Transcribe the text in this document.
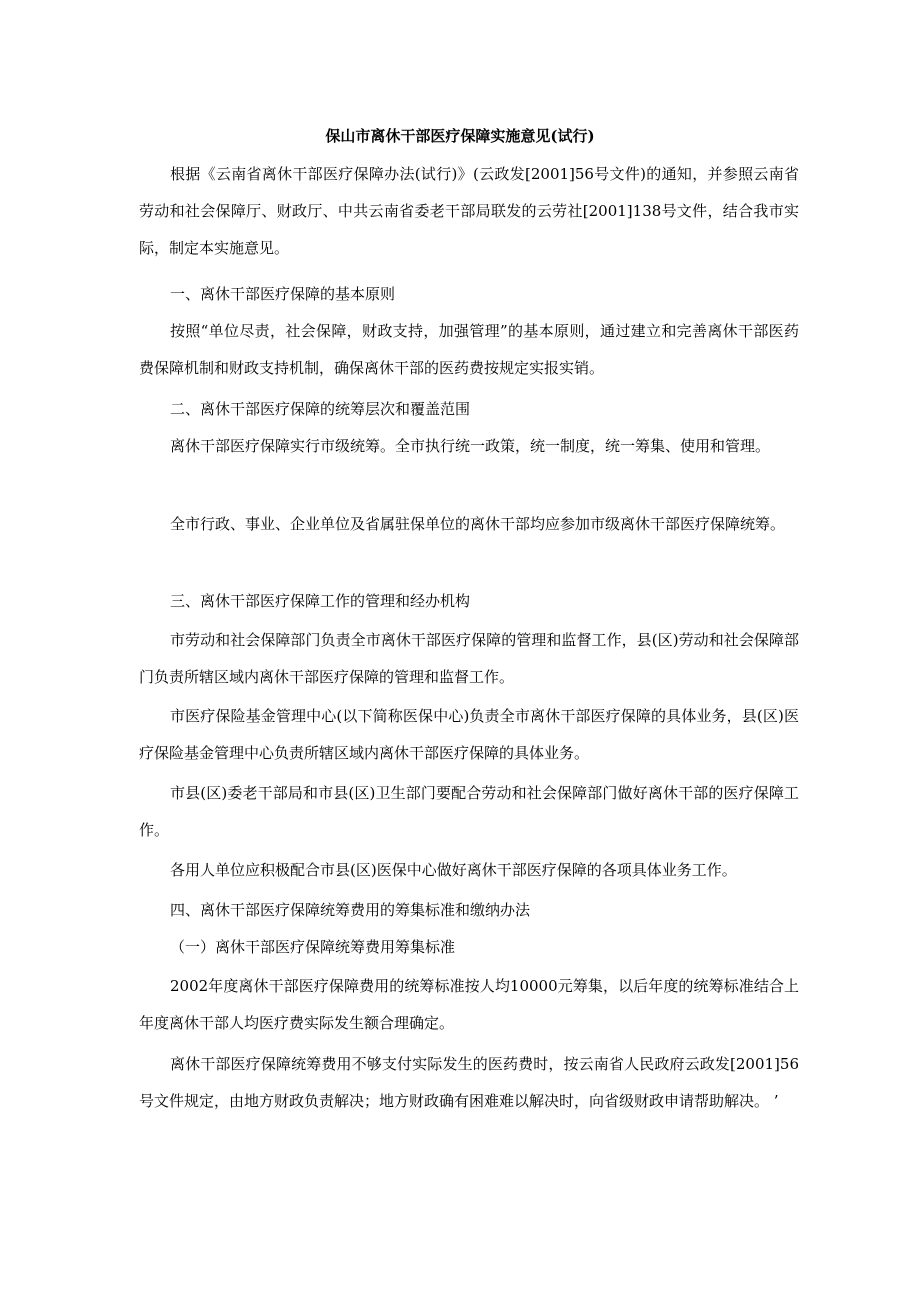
保山市离休干部医疗保障实施意见(试行)

根据《云南省离休干部医疗保障办法(试行)》(云政发[2001]56号文件)的通知，并参照云南省劳动和社会保障厅、财政厅、中共云南省委老干部局联发的云劳社[2001]138号文件，结合我市实际，制定本实施意见。

一、离休干部医疗保障的基本原则

按照“单位尽责，社会保障，财政支持，加强管理”的基本原则，通过建立和完善离休干部医药费保障机制和财政支持机制，确保离休干部的医药费按规定实报实销。

二、离休干部医疗保障的统筹层次和覆盖范围

离休干部医疗保障实行市级统筹。全市执行统一政策，统一制度，统一筹集、使用和管理。

全市行政、事业、企业单位及省属驻保单位的离休干部均应参加市级离休干部医疗保障统筹。

三、离休干部医疗保障工作的管理和经办机构

市劳动和社会保障部门负责全市离休干部医疗保障的管理和监督工作，县(区)劳动和社会保障部门负责所辖区域内离休干部医疗保障的管理和监督工作。

市医疗保险基金管理中心(以下简称医保中心)负责全市离休干部医疗保障的具体业务，县(区)医疗保险基金管理中心负责所辖区域内离休干部医疗保障的具体业务。

市县(区)委老干部局和市县(区)卫生部门要配合劳动和社会保障部门做好离休干部的医疗保障工作。

各用人单位应积极配合市县(区)医保中心做好离休干部医疗保障的各项具体业务工作。

四、离休干部医疗保障统筹费用的筹集标准和缴纳办法

（一）离休干部医疗保障统筹费用筹集标准

2002年度离休干部医疗保障费用的统筹标准按人均10000元筹集，以后年度的统筹标准结合上年度离休干部人均医疗费实际发生额合理确定。

离休干部医疗保障统筹费用不够支付实际发生的医药费时，按云南省人民政府云政发[2001]56号文件规定，由地方财政负责解决；地方财政确有困难难以解决时，向省级财政申请帮助解决。 ’
